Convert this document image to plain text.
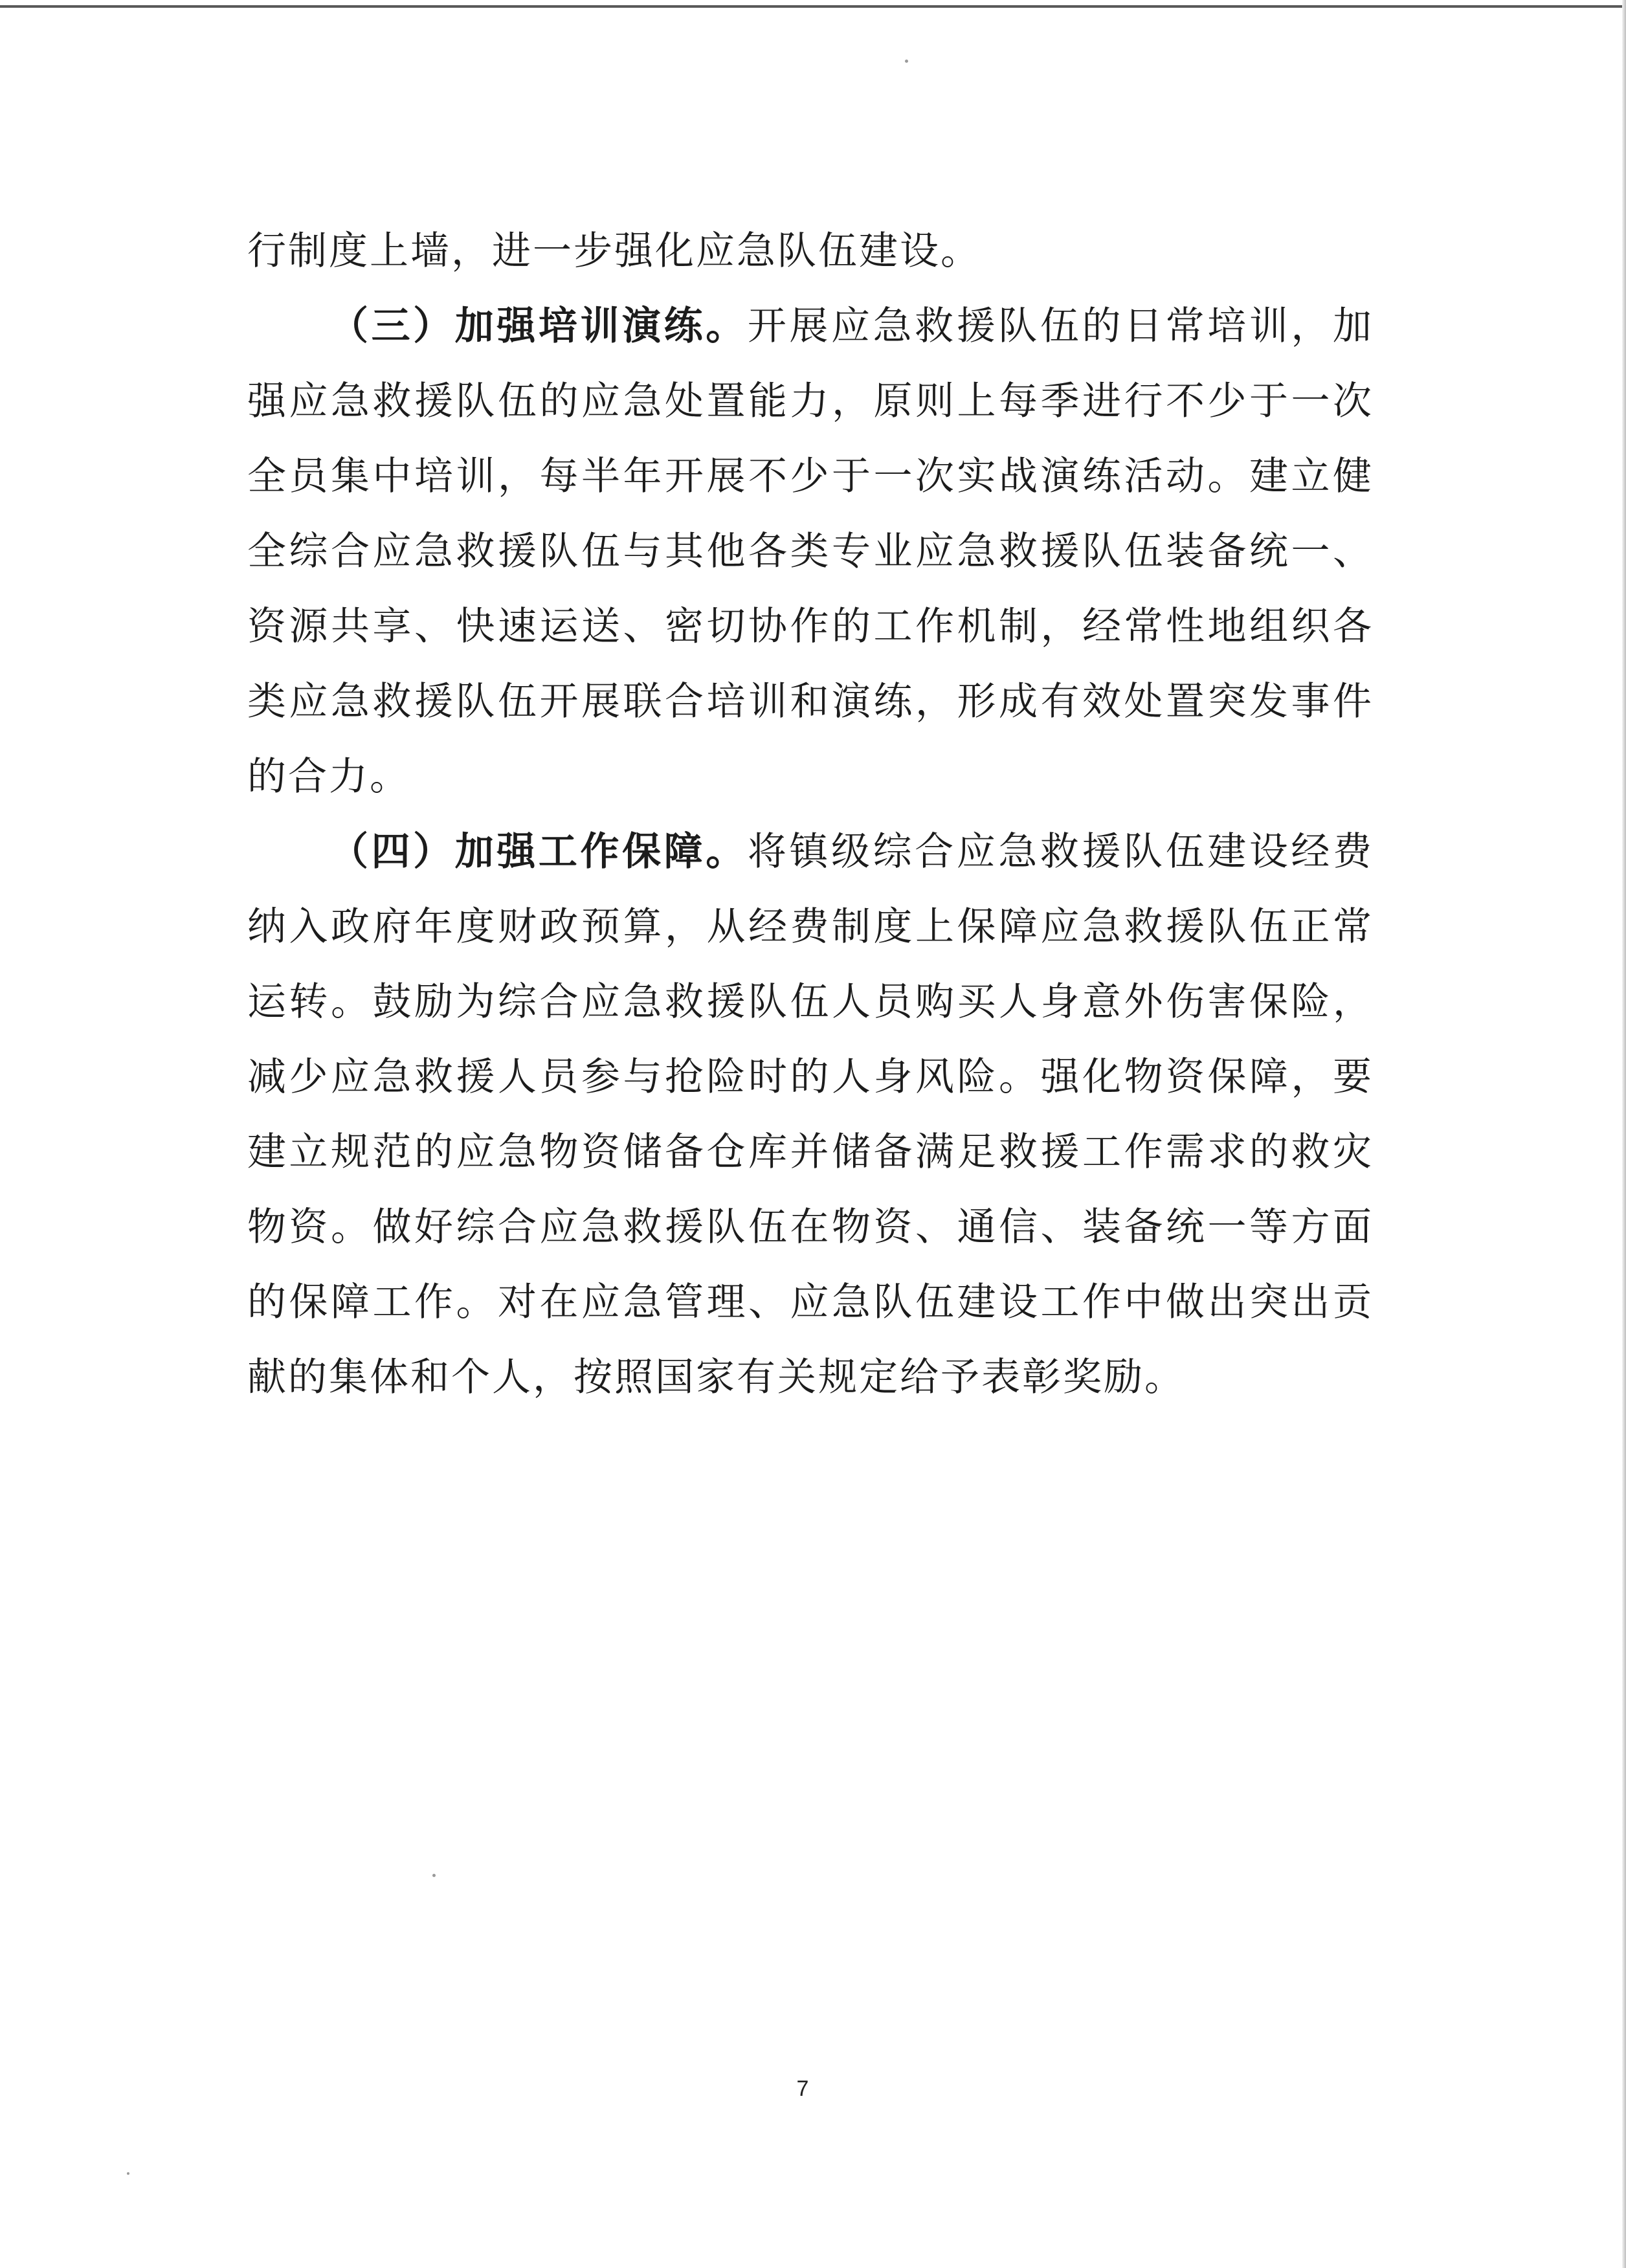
行制度上墙，进一步强化应急队伍建设。

（三）加强培训演练。开展应急救援队伍的日常培训，加强应急救援队伍的应急处置能力，原则上每季进行不少于一次全员集中培训，每半年开展不少于一次实战演练活动。建立健全综合应急救援队伍与其他各类专业应急救援队伍装备统一、资源共享、快速运送、密切协作的工作机制，经常性地组织各类应急救援队伍开展联合培训和演练，形成有效处置突发事件的合力。

（四）加强工作保障。将镇级综合应急救援队伍建设经费纳入政府年度财政预算，从经费制度上保障应急救援队伍正常运转。鼓励为综合应急救援队伍人员购买人身意外伤害保险，减少应急救援人员参与抢险时的人身风险。强化物资保障，要建立规范的应急物资储备仓库并储备满足救援工作需求的救灾物资。做好综合应急救援队伍在物资、通信、装备统一等方面的保障工作。对在应急管理、应急队伍建设工作中做出突出贡献的集体和个人，按照国家有关规定给予表彰奖励。

7
